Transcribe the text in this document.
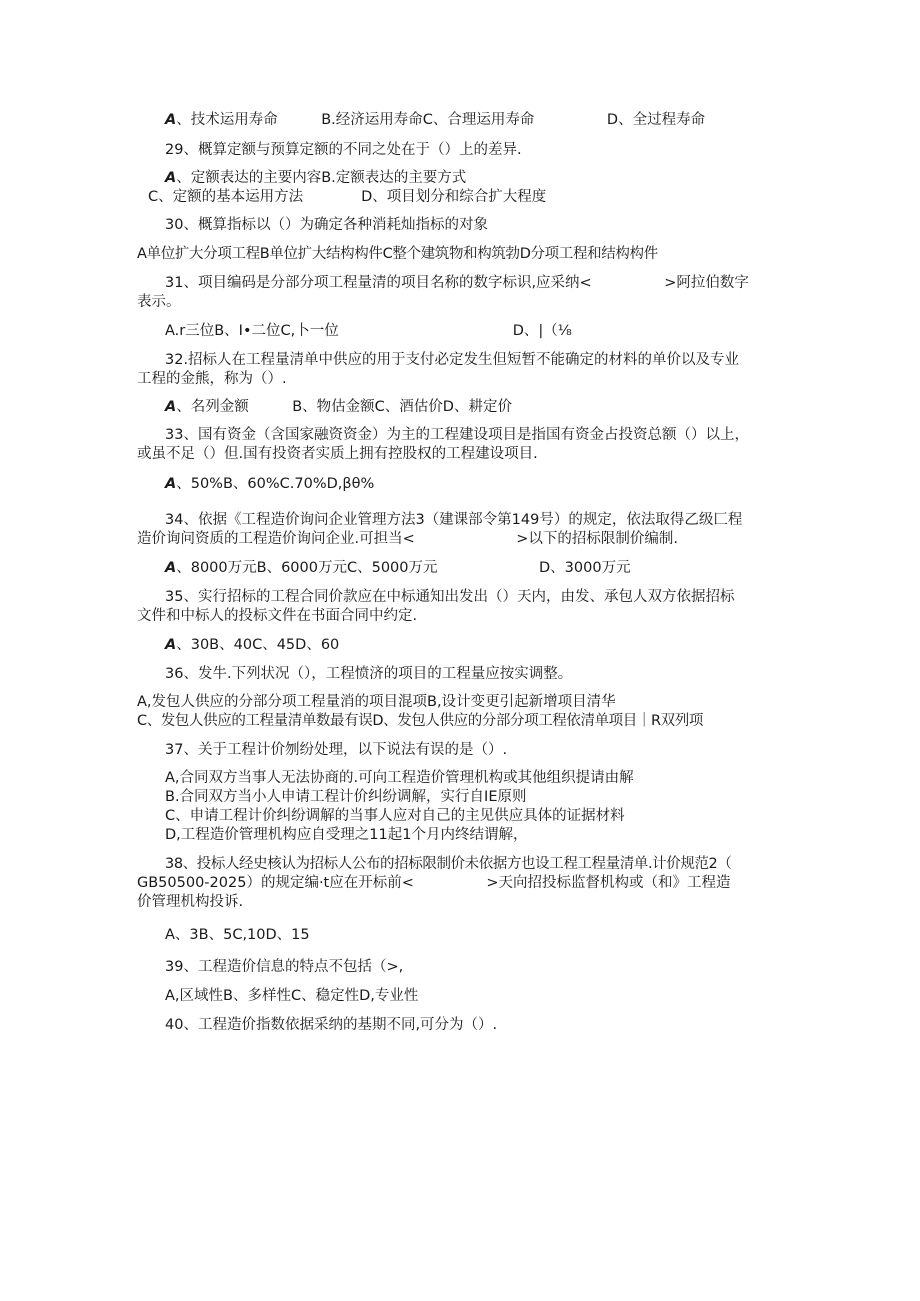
A、技术运用寿命　　　B.经济运用寿命C、合理运用寿命　　　　　D、全过程寿命
29、概算定额与预算定额的不同之处在于（）上的差异.
A、定额表达的主要内容B.定额表达的主要方式
C、定额的基本运用方法　　　　D、项目划分和综合扩大程度
30、概算指标以（）为确定各种消耗灿指标的对象
A单位扩大分项工程B单位扩大结构构件C整个建筑物和构筑勃D分项工程和结构构件
31、项目编码是分部分项工程量清的项目名称的数字标识,应采纳<　　　　　>阿拉伯数字
表示。
A.r三位B、I•二位C,卜一位　　　　　　　　　　　　D、|（⅛
32.招标人在工程量清单中供应的用于支付必定发生但短暂不能确定的材料的单价以及专业
工程的金熊，称为（）.
A、名列金额　　　B、物估金额C、酒估价D、耕定价
33、国有资金（含国家融资资金）为主的工程建设项目是指国有资金占投资总额（）以上，
或虽不足（）但.国有投资者实质上拥有控股权的工程建设项目.
A、50%B、60%C.70%D,βθ%
34、依据《工程造价询问企业管理方法3（建课部令第149号）的规定，依法取得乙级匚程
造价询问资质的工程造价询问企业.可担当<　　　　　　　>以下的招标限制价编制.
A、8000万元B、6000万元C、5000万元　　　　　　　D、3000万元
35、实行招标的工程合同价款应在中标通知出发出（）天内，由发、承包人双方依据招标
文件和中标人的投标文件在书面合同中约定.
A、30B、40C、45D、60
36、发牛.下列状况（），工程愤济的项目的工程量应按实调整。
A,发包人供应的分部分项工程量消的项目混项B,设计变更引起新增项目清华
C、发包人供应的工程量清单数最有误D、发包人供应的分部分项工程依清单项目｜R双列项
37、关于工程计价刎纷处理，以下说法有误的是（）.
A,合同双方当事人无法协商的.可向工程造价管理机构或其他组织提请由解
B.合同双方当小人申请工程计价纠纷调解，实行自IE原则
C、申请工程计价纠纷调解的当事人应对自己的主见供应具体的证据材料
D,工程造价管理机构应自受理之11起1个月内终结谓解，
38、投标人经史核认为招标人公布的招标限制价未依据方也设工程工程量清单.计价规范2（
GB50500-2025）的规定编·t应在开标前<　　　　　>天向招投标监督机构或（和》工程造
价管理机构投诉.
A、3B、5C,10D、15
39、工程造价信息的特点不包括（>,
A,区域性B、多样性C、稳定性D,专业性
40、工程造价指数依据采纳的基期不同,可分为（）.
